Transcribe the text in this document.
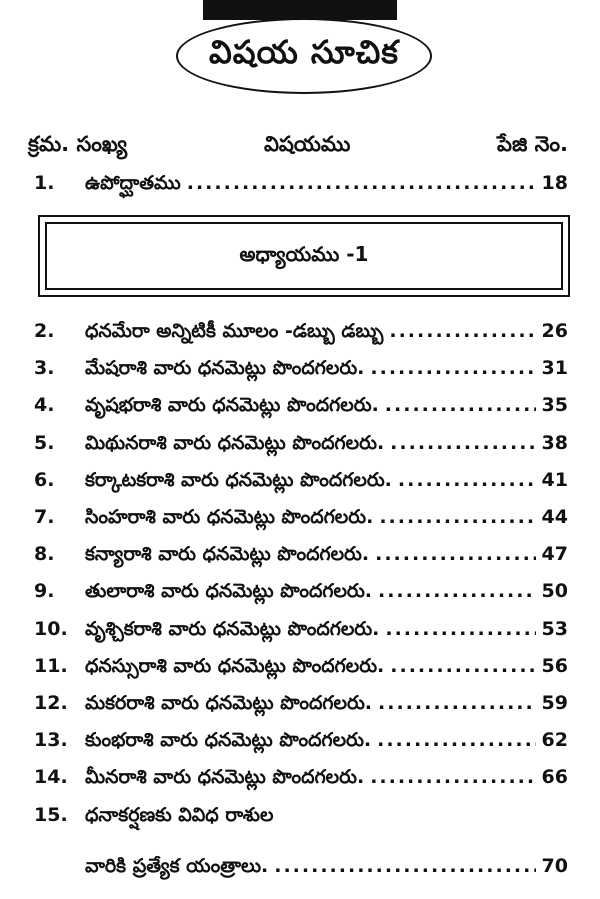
విషయ సూచిక
క్రమ. సంఖ్య	విషయము	పేజి నెం.
1. ఉపోద్ఘాతము .....	18
అధ్యాయము -1
2. ధనమేరా అన్నిటికీ మూలం -డబ్బు డబ్బు .....	26
3. మేషరాశి వారు ధనమెట్లు పొందగలరు. .....	31
4. వృషభరాశి వారు ధనమెట్లు పొందగలరు. .....	35
5. మిథునరాశి వారు ధనమెట్లు పొందగలరు. .....	38
6. కర్కాటకరాశి వారు ధనమెట్లు పొందగలరు. .....	41
7. సింహరాశి వారు ధనమెట్లు పొందగలరు. .....	44
8. కన్యారాశి వారు ధనమెట్లు పొందగలరు. .....	47
9. తులారాశి వారు ధనమెట్లు పొందగలరు. .....	50
10. వృశ్చికరాశి వారు ధనమెట్లు పొందగలరు. .....	53
11. ధనస్సురాశి వారు ధనమెట్లు పొందగలరు. .....	56
12. మకరరాశి వారు ధనమెట్లు పొందగలరు. .....	59
13. కుంభరాశి వారు ధనమెట్లు పొందగలరు. .....	62
14. మీనరాశి వారు ధనమెట్లు పొందగలరు. .....	66
15. ధనాకర్షణకు వివిధ రాశుల
వారికి ప్రత్యేక యంత్రాలు. .....	70
